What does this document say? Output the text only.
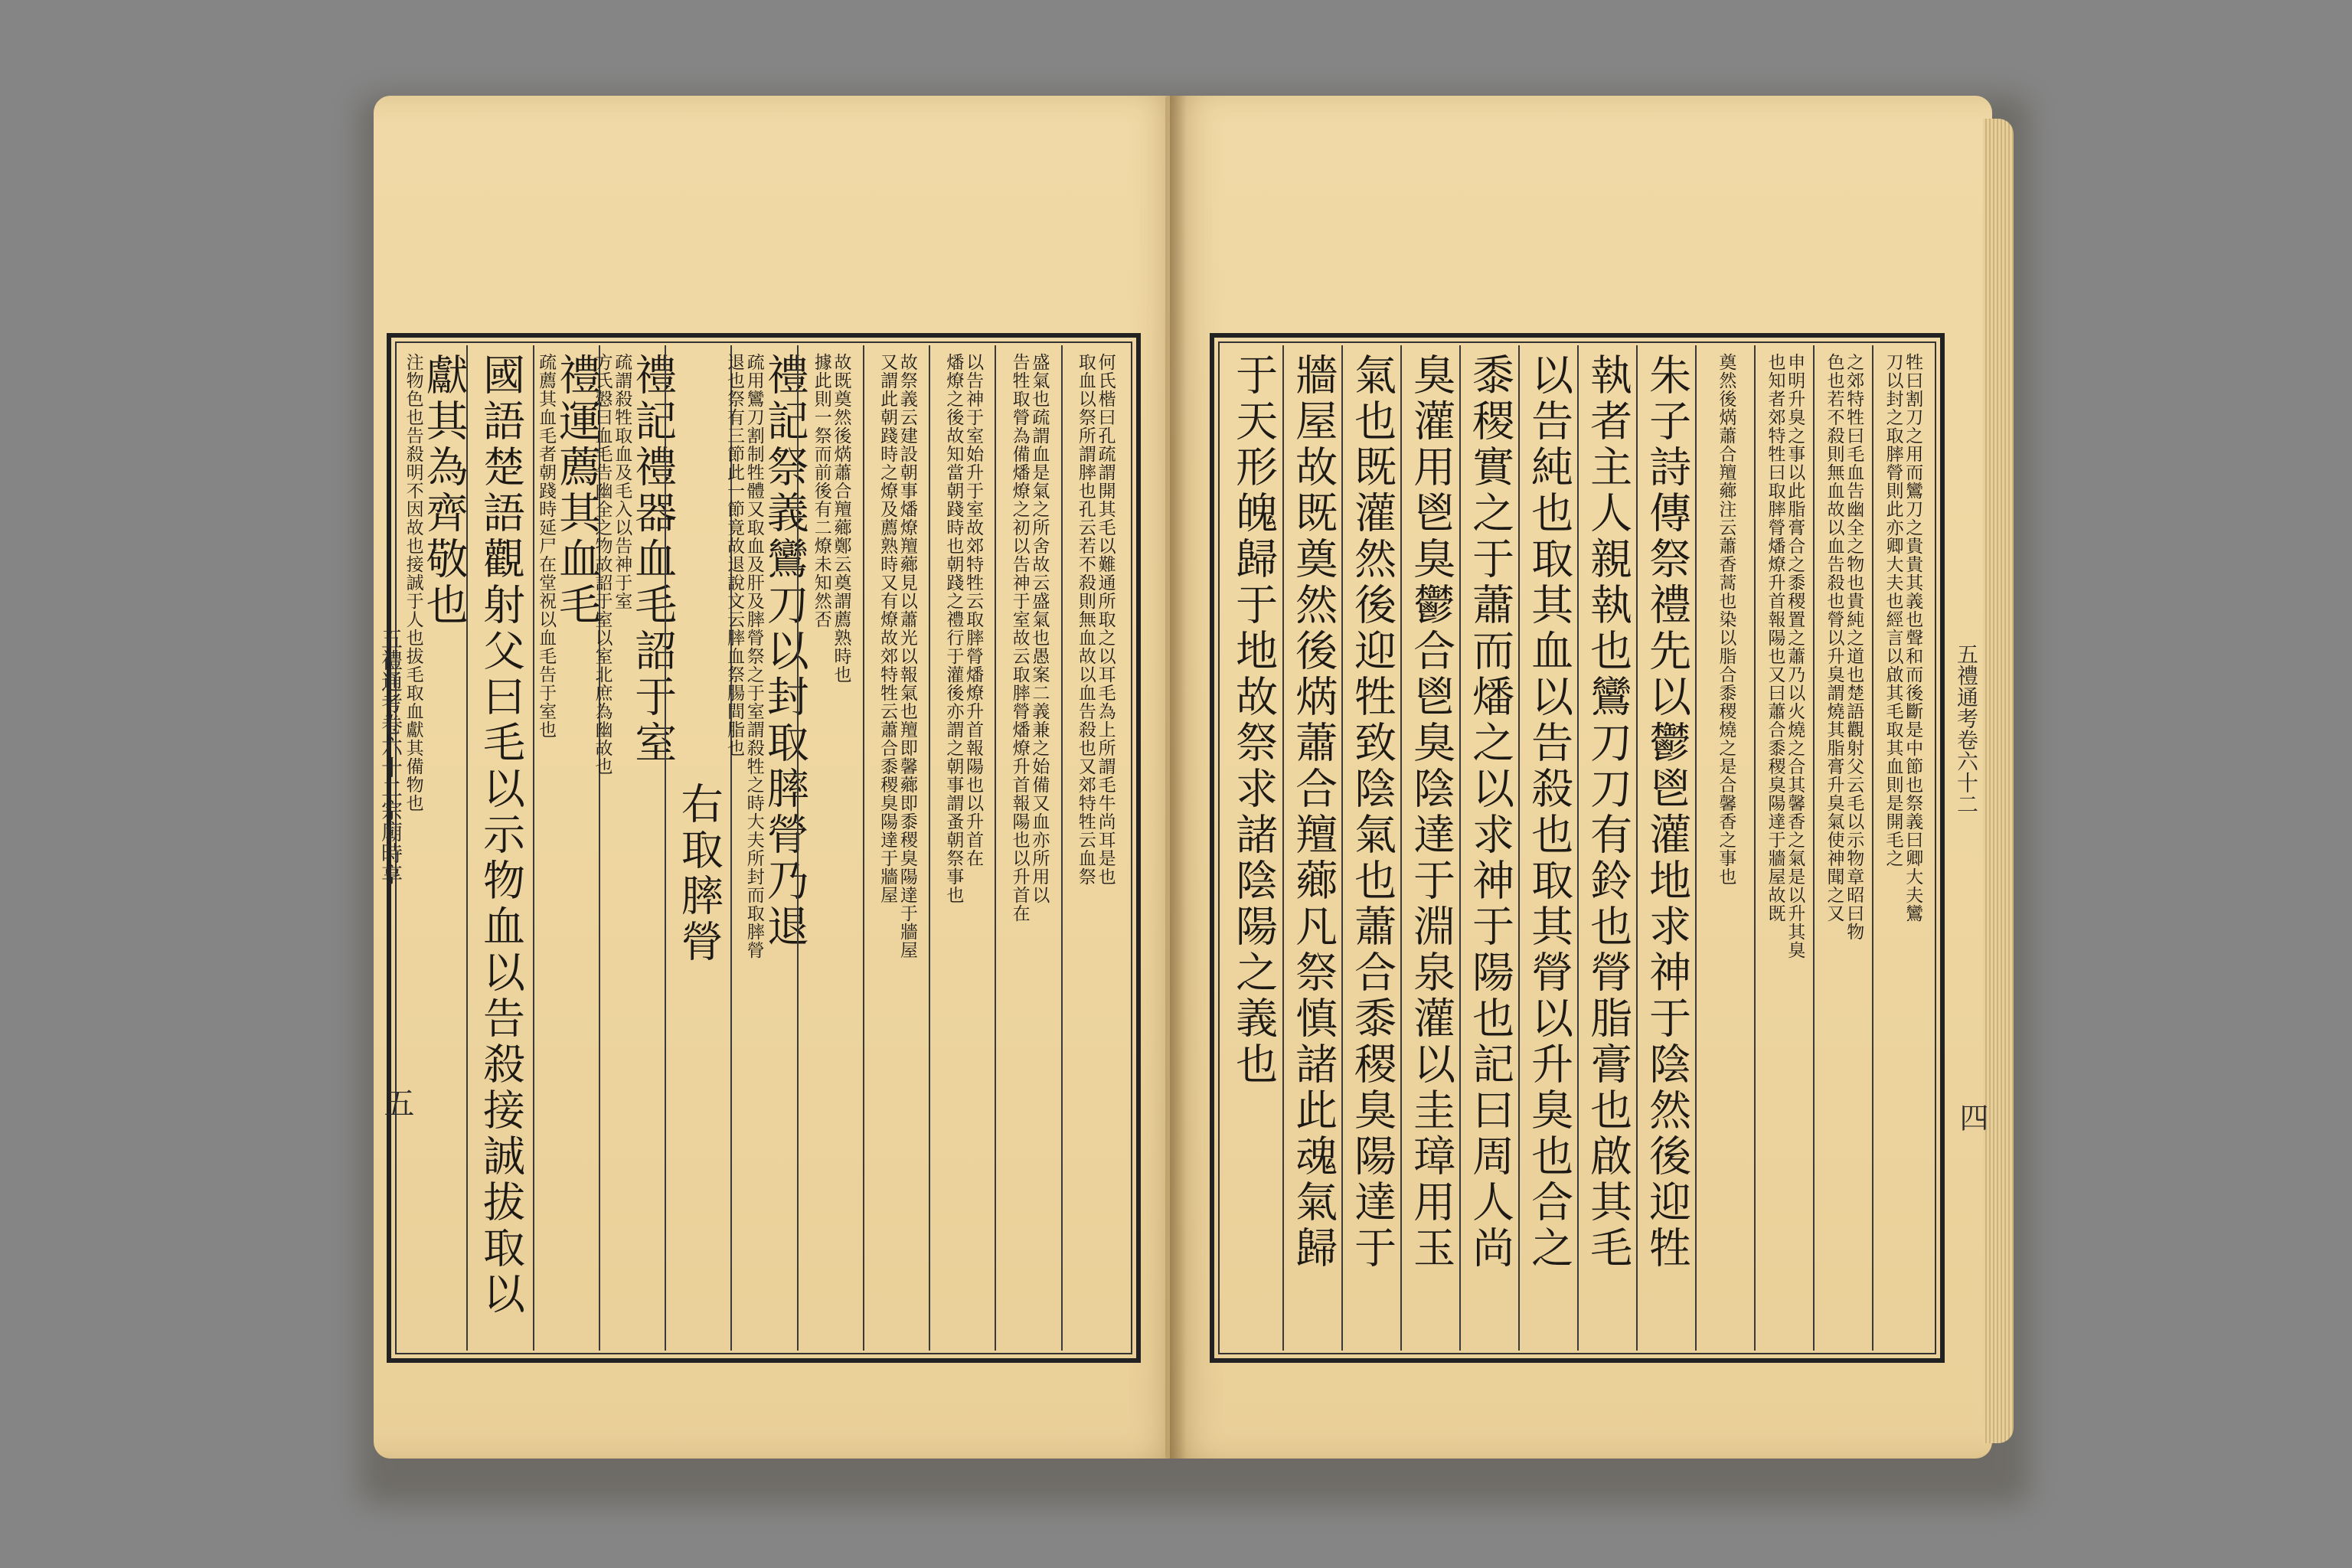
何氏楷曰孔疏謂開其毛以難通所取之以耳毛為上所謂毛牛尚耳是也
取血以祭所謂膟也孔云若不殺則無血故以血告殺也又郊特牲云血祭
盛氣也疏謂血是氣之所舍故云盛氣也愚案二義兼之始備又血亦所用以
告牲取膋為備燔燎之初以告神于室故云取膟膋燔燎升首報陽也以升首在
以告神于室始升于室故郊特牲云取膟膋燔燎升首報陽也以升首在
燔燎之後故知當朝踐時也朝踐之禮行于灌後亦謂之朝事謂蚤朝祭事也
故祭義云建設朝事燔燎羶薌見以蕭光以報氣也羶即馨薌即黍稷臭陽達于牆屋
又謂此朝踐時之燎及薦熟時又有燎故郊特牲云蕭合黍稷臭陽達于牆屋
故既奠然後焫蕭合羶薌鄭云奠謂薦熟時也
據此則一祭而前後有二燎未知然否
禮記祭義鸞刀以封取膟膋乃退
疏用鸞刀割制牲體又取血及肝及膟膋祭之于室謂殺牲之時大夫所封而取膟膋
退也祭有三節此一節竟故退說文云膟血祭腸間脂也
右取膟膋
禮記禮器血毛詔于室
疏謂殺牲取血及毛入以告神于室
方氏慤曰血毛告幽全之物故詔于室以室北庶為幽故也
禮運薦其血毛
疏薦其血毛者朝踐時延尸在堂祝以血毛告于室也
國語楚語觀射父曰毛以示物血以告殺接誠拔取以
獻其為齊敬也
注物色也告殺明不因故也接誠于人也拔毛取血獻其備物也
五禮通考卷六十二宗廟時享
五
牲曰割刀之用而鸞刀之貴貴其義也聲和而後斷是中節也祭義曰卿大夫鸞
刀以封之取膟膋則此亦卿大夫也經言以啟其毛取其血則是開毛之
之郊特牲曰毛血告幽全之物也貴純之道也楚語觀射父云毛以示物章昭曰物
色也若不殺則無血故以血告殺也膋以升臭謂燒其脂膏升臭氣使神聞之又
申明升臭之事以此脂膏合之黍稷置之蕭乃以火燒之合其馨香之氣是以升其臭
也知者郊特牲曰取膟膋燔燎升首報陽也又曰蕭合黍稷臭陽達于牆屋故既
奠然後焫蕭合羶薌注云蕭香蒿也染以脂合黍稷燒之是合馨香之事也
朱子詩傳祭禮先以鬱鬯灌地求神于陰然後迎牲
執者主人親執也鸞刀刀有鈴也膋脂膏也啟其毛
以告純也取其血以告殺也取其膋以升臭也合之
黍稷實之于蕭而燔之以求神于陽也記曰周人尚
臭灌用鬯臭鬱合鬯臭陰達于淵泉灌以圭璋用玉
氣也既灌然後迎牲致陰氣也蕭合黍稷臭陽達于
牆屋故既奠然後焫蕭合羶薌凡祭慎諸此魂氣歸
于天形魄歸于地故祭求諸陰陽之義也	五禮通考卷六十二
四
